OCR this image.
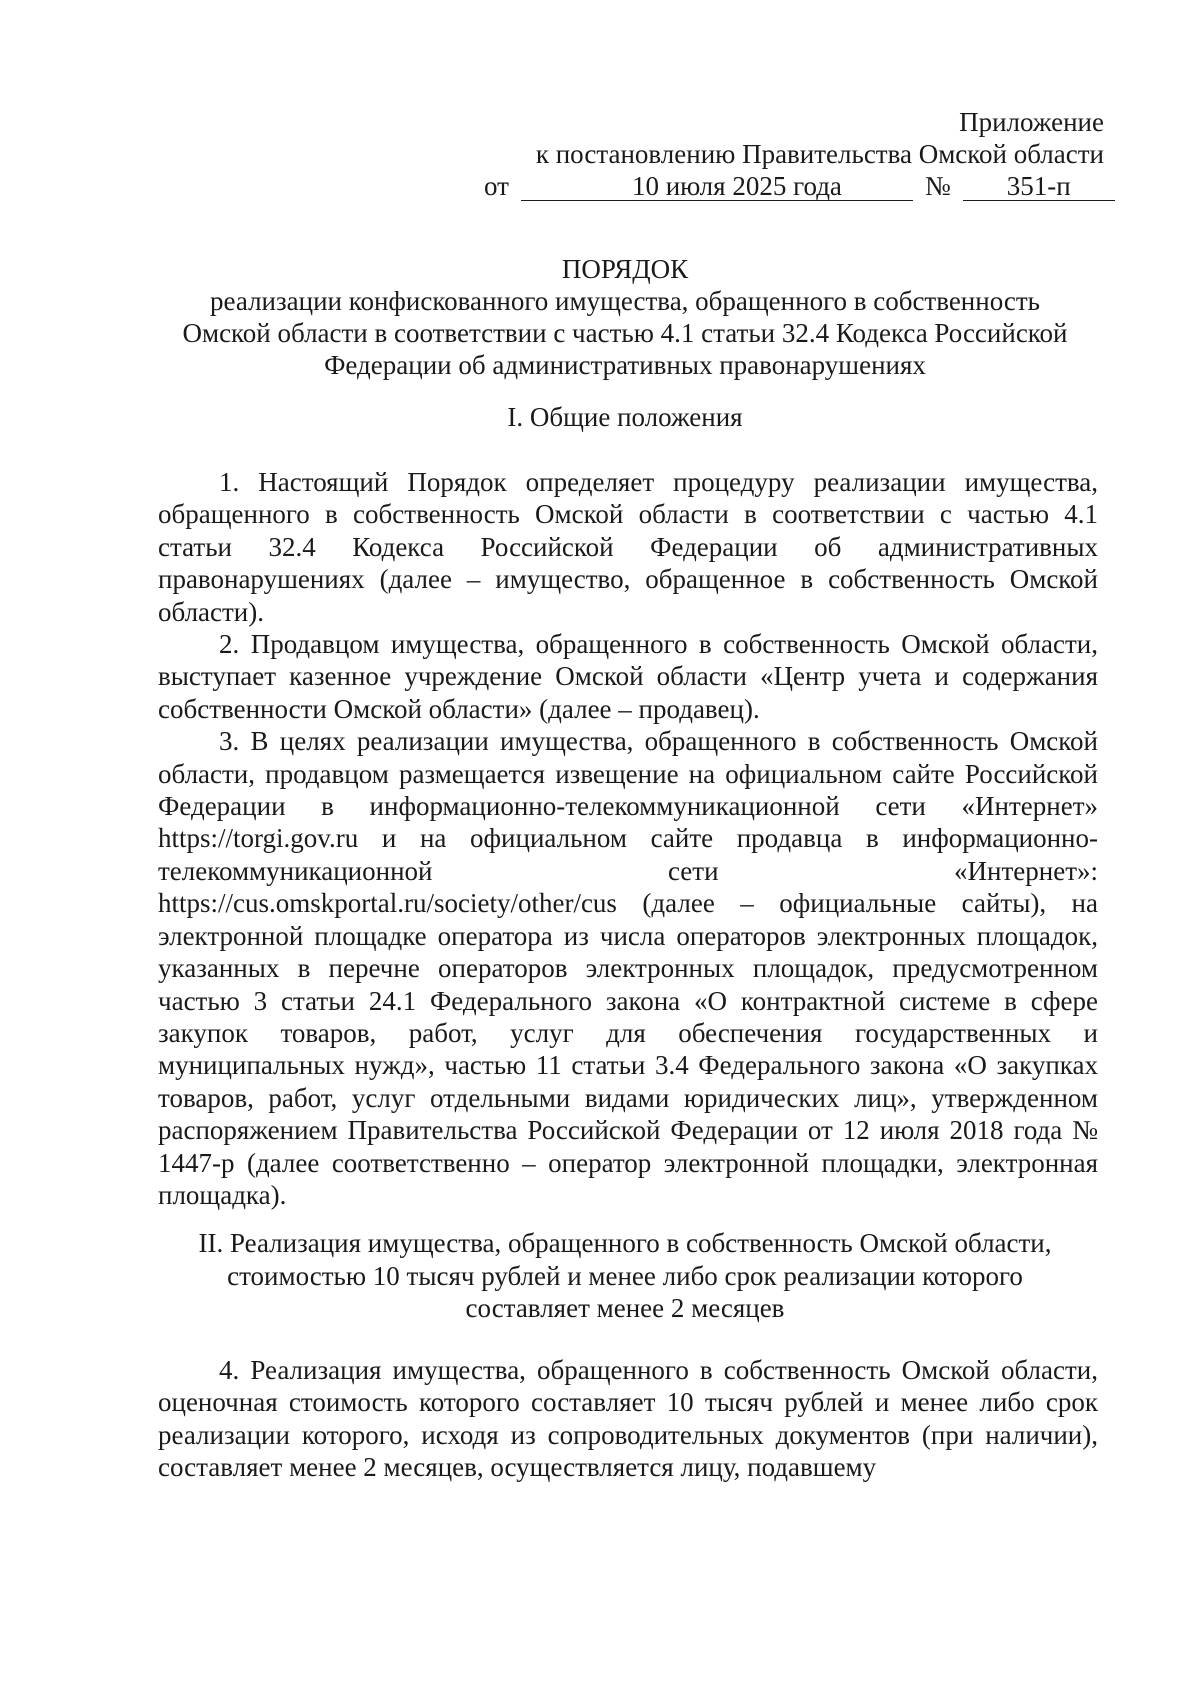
Приложение
к постановлению Правительства Омской области
от	10 июля 2025 года	№ 351-п
ПОРЯДОК
реализации конфискованного имущества, обращенного в собственность
Омской области в соответствии с частью 4.1 статьи 32.4 Кодекса Российской
Федерации об административных правонарушениях
I. Общие положения

1. Настоящий Порядок определяет процедуру реализации имущества, обращенного в собственность Омской области в соответствии с частью 4.1 статьи 32.4 Кодекса Российской Федерации об административных правонарушениях (далее – имущество, обращенное в собственность Омской области).

2. Продавцом имущества, обращенного в собственность Омской области, выступает казенное учреждение Омской области «Центр учета и содержания собственности Омской области» (далее – продавец).

3. В целях реализации имущества, обращенного в собственность Омской области, продавцом размещается извещение на официальном сайте Российской Федерации в информационно-телекоммуникационной сети «Интернет» https://torgi.gov.ru и на официальном сайте продавца в информационно-телекоммуникационной сети «Интернет»: https://cus.omskportal.ru/society/other/cus (далее – официальные сайты), на электронной площадке оператора из числа операторов электронных площадок, указанных в перечне операторов электронных площадок, предусмотренном частью 3 статьи 24.1 Федерального закона «О контрактной системе в сфере закупок товаров, работ, услуг для обеспечения государственных и муниципальных нужд», частью 11 статьи 3.4 Федерального закона «О закупках товаров, работ, услуг отдельными видами юридических лиц», утвержденном распоряжением Правительства Российской Федерации от 12 июля 2018 года № 1447-р (далее соответственно – оператор электронной площадки, электронная площадка).

II. Реализация имущества, обращенного в собственность Омской области,
стоимостью 10 тысяч рублей и менее либо срок реализации которого
составляет менее 2 месяцев

4. Реализация имущества, обращенного в собственность Омской области, оценочная стоимость которого составляет 10 тысяч рублей и менее либо срок реализации которого, исходя из сопроводительных документов (при наличии), составляет менее 2 месяцев, осуществляется лицу, подавшему
